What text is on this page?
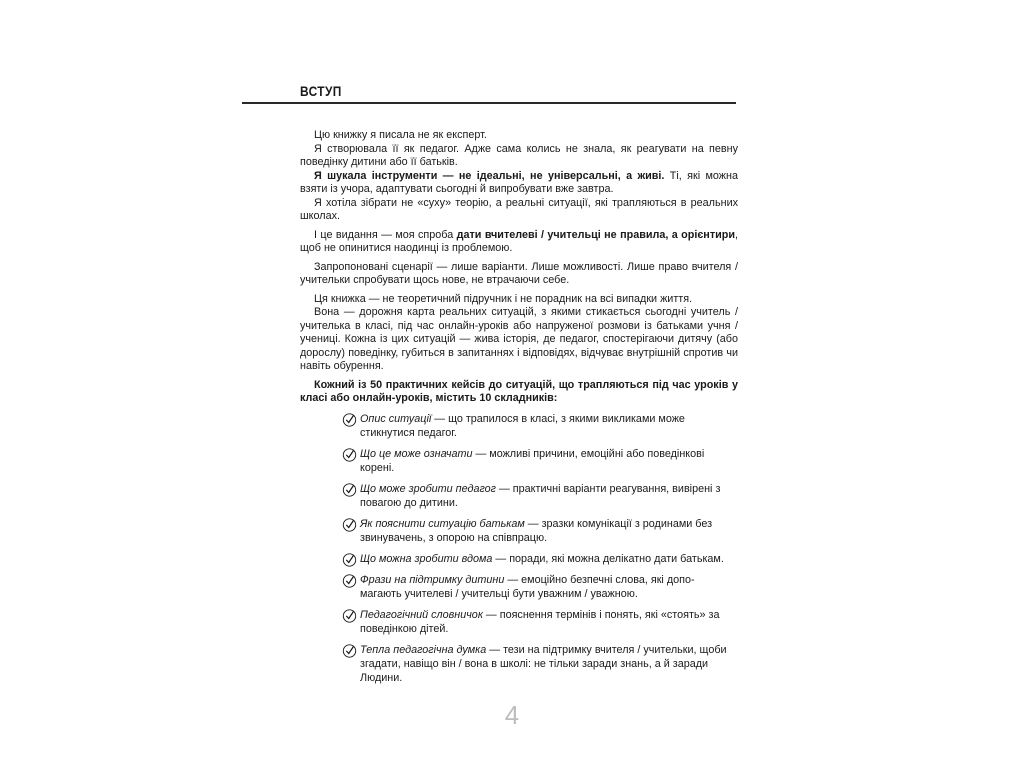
ВСТУП

Цю книжку я писала не як експерт.

Я створювала її як педагог. Адже сама колись не знала, як реагувати на певну поведінку дитини або її батьків.

Я шукала інструменти — не ідеальні, не універсальні, а живі. Ті, які можна взяти із учора, адаптувати сьогодні й випробувати вже завтра.

Я хотіла зібрати не «суху» теорію, а реальні ситуації, які трапляються в реальних школах.

І це видання — моя спроба дати вчителеві / учительці не правила, а орієнтири, щоб не опинитися наодинці із проблемою.

Запропоновані сценарії — лише варіанти. Лише можливості. Лише право вчителя / учительки спробувати щось нове, не втрачаючи себе.

Ця книжка — не теоретичний підручник і не порадник на всі випадки життя.

Вона — дорожня карта реальних ситуацій, з якими стикається сьогодні учитель / учителька в класі, під час онлайн-уроків або напруженої розмови із батьками учня / учениці. Кожна із цих ситуацій — жива історія, де педагог, спостерігаючи дитячу (або дорослу) поведінку, губиться в запитаннях і відповідях, відчуває внутрішній спротив чи навіть обурення.

Кожний із 50 практичних кейсів до ситуацій, що трапляються під час уроків у класі або онлайн-уроків, містить 10 складників:

Опис ситуації — що трапилося в класі, з якими викликами може стикнутися педагог.
Що це може означати — можливі причини, емоційні або поведінкові корені.
Що може зробити педагог — практичні варіанти реагування, вивірені з повагою до дитини.
Як пояснити ситуацію батькам — зразки комунікації з родинами без звинувачень, з опорою на співпрацю.
Що можна зробити вдома — поради, які можна делікатно дати батькам.
Фрази на підтримку дитини — емоційно безпечні слова, які допомагають учителеві / учительці бути уважним / уважною.
Педагогічний словничок — пояснення термінів і понять, які «стоять» за поведінкою дітей.
Тепла педагогічна думка — тези на підтримку вчителя / учительки, щоби згадати, навіщо він / вона в школі: не тільки заради знань, а й заради Людини.
4
